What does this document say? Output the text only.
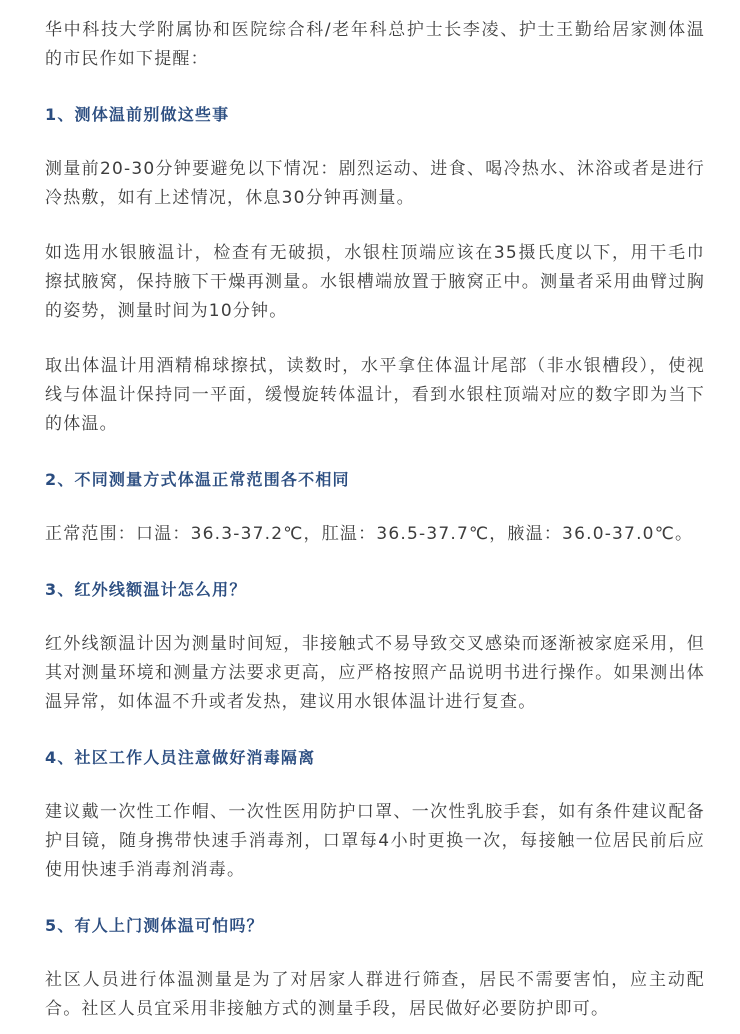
华中科技大学附属协和医院综合科/老年科总护士长李凌、护士王勤给居家测体温的市民作如下提醒：

1、测体温前别做这些事

测量前20-30分钟要避免以下情况：剧烈运动、进食、喝冷热水、沐浴或者是进行冷热敷，如有上述情况，休息30分钟再测量。

如选用水银腋温计，检查有无破损，水银柱顶端应该在35摄氏度以下，用干毛巾擦拭腋窝，保持腋下干燥再测量。水银槽端放置于腋窝正中。测量者采用曲臂过胸的姿势，测量时间为10分钟。

取出体温计用酒精棉球擦拭，读数时，水平拿住体温计尾部（非水银槽段），使视线与体温计保持同一平面，缓慢旋转体温计，看到水银柱顶端对应的数字即为当下的体温。

2、不同测量方式体温正常范围各不相同

正常范围：口温：36.3-37.2℃，肛温：36.5-37.7℃，腋温：36.0-37.0℃。

3、红外线额温计怎么用？

红外线额温计因为测量时间短，非接触式不易导致交叉感染而逐渐被家庭采用，但其对测量环境和测量方法要求更高，应严格按照产品说明书进行操作。如果测出体温异常，如体温不升或者发热，建议用水银体温计进行复查。

4、社区工作人员注意做好消毒隔离

建议戴一次性工作帽、一次性医用防护口罩、一次性乳胶手套，如有条件建议配备护目镜，随身携带快速手消毒剂，口罩每4小时更换一次，每接触一位居民前后应使用快速手消毒剂消毒。

5、有人上门测体温可怕吗？

社区人员进行体温测量是为了对居家人群进行筛查，居民不需要害怕，应主动配合。社区人员宜采用非接触方式的测量手段，居民做好必要防护即可。
